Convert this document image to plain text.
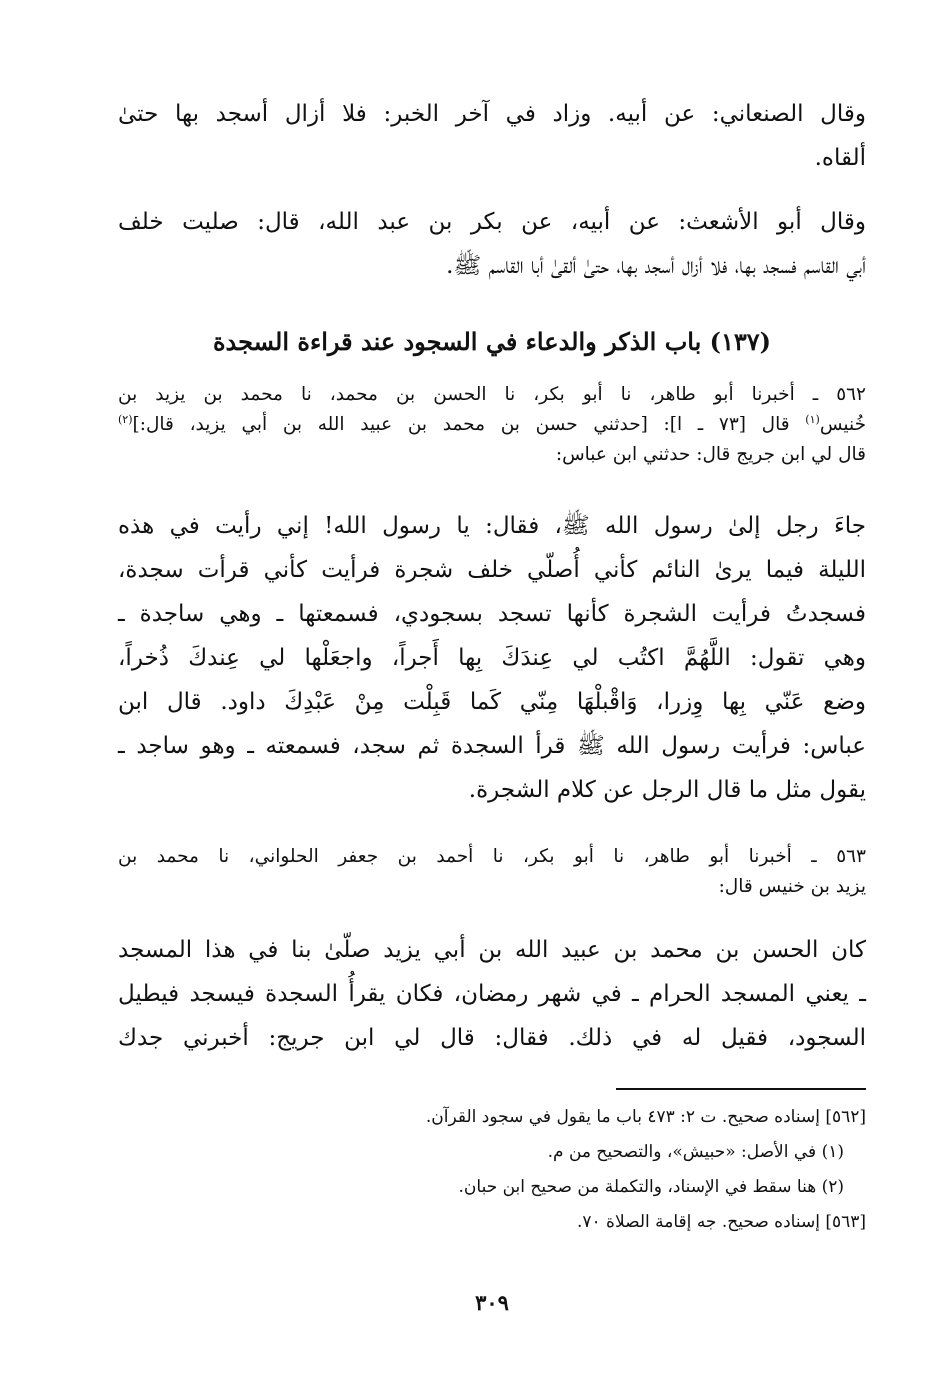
وقال الصنعاني: عن أبيه. وزاد في آخر الخبر: فلا أزال أسجد بها حتىٰ
ألقاه.
وقال أبو الأشعث: عن أبيه، عن بكر بن عبد الله، قال: صليت خلف
أبي القاسم فسجد بها، فلا أزال أسجد بها، حتىٰ ألقىٰ أبا القاسم ﷺ.
(١٣٧) باب الذكر والدعاء في السجود عند قراءة السجدة
٥٦٢ ـ أخبرنا أبو طاهر، نا أبو بكر، نا الحسن بن محمد، نا محمد بن يزيد بن
خُنيس$^{(١)}$ قال [٧٣ ـ ا]: [حدثني حسن بن محمد بن عبيد الله بن أبي يزيد، قال:]$^{(٢)}$
قال لي ابن جريج قال: حدثني ابن عباس:
جاءَ رجل إلىٰ رسول الله ﷺ، فقال: يا رسول الله! إني رأيت في هذه
الليلة فيما يرىٰ النائم كأني أُصلّي خلف شجرة فرأيت كأني قرأت سجدة،
فسجدتُ فرأيت الشجرة كأنها تسجد بسجودي، فسمعتها ـ وهي ساجدة ـ
وهي تقول: اللَّهُمَّ اكتُب لي عِندَكَ بِها أَجراً، واجعَلْها لي عِندكَ ذُخراً،
وضع عَنّي بِها وِزرا، وَاقْبلْهَا مِنّي كَما قَبِلْت مِنْ عَبْدِكَ داود. قال ابن
عباس: فرأيت رسول الله ﷺ قرأ السجدة ثم سجد، فسمعته ـ وهو ساجد ـ
يقول مثل ما قال الرجل عن كلام الشجرة.
٥٦٣ ـ أخبرنا أبو طاهر، نا أبو بكر، نا أحمد بن جعفر الحلواني، نا محمد بن
يزيد بن خنيس قال:
كان الحسن بن محمد بن عبيد الله بن أبي يزيد صلّىٰ بنا في هذا المسجد
ـ يعني المسجد الحرام ـ في شهر رمضان، فكان يقرأُ السجدة فيسجد فيطيل
السجود، فقيل له في ذلك. فقال: قال لي ابن جريج: أخبرني جدك
[٥٦٢] إسناده صحيح. ت ٢: ٤٧٣ باب ما يقول في سجود القرآن.
(١) في الأصل: «حبيش»، والتصحيح من م.
(٢) هنا سقط في الإسناد، والتكملة من صحيح ابن حبان.
[٥٦٣] إسناده صحيح. جه إقامة الصلاة ٧٠.
٣٠٩
